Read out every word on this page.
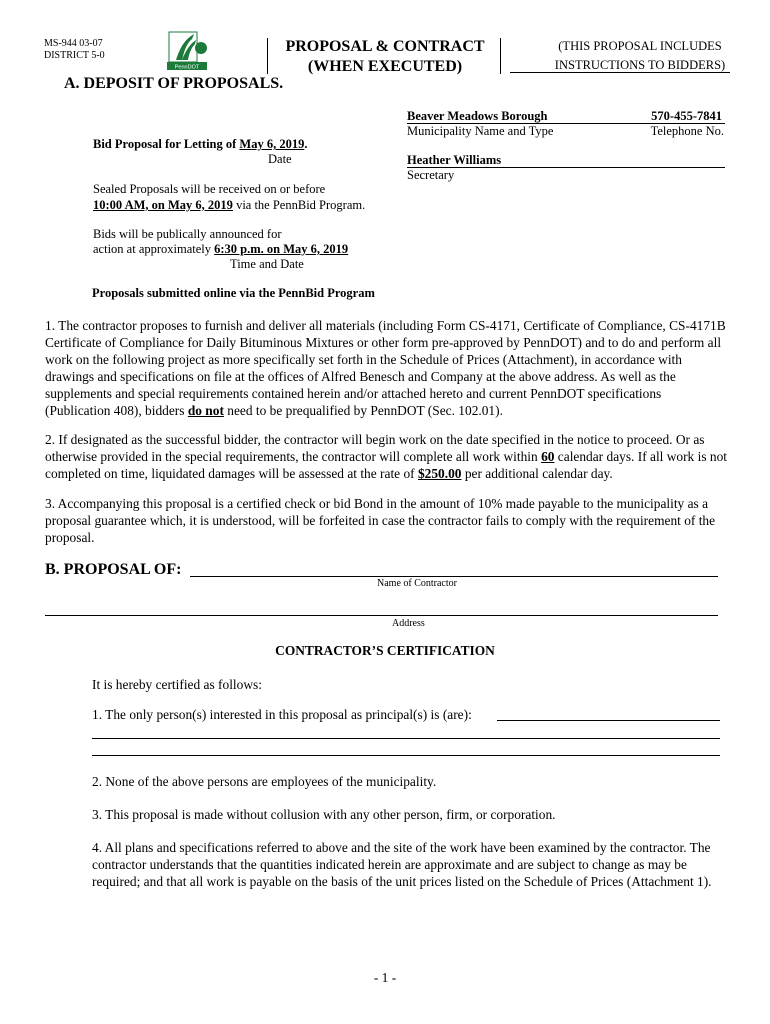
MS-944 03-07
DISTRICT 5-0
PennDOT
PROPOSAL & CONTRACT
(WHEN EXECUTED)
(THIS PROPOSAL INCLUDES
INSTRUCTIONS TO BIDDERS)
A. DEPOSIT OF PROPOSALS.
Beaver Meadows Borough	570-455-7841
Municipality Name and Type	Telephone No.
Heather Williams
Secretary
Bid Proposal for Letting of May 6, 2019.
Date
Sealed Proposals will be received on or before
10:00 AM, on May 6, 2019 via the PennBid Program.
Bids will be publically announced for
action at approximately 6:30 p.m. on May 6, 2019
Time and Date
Proposals submitted online via the PennBid Program
1. The contractor proposes to furnish and deliver all materials (including Form CS-4171, Certificate of Compliance, CS-4171B Certificate of Compliance for Daily Bituminous Mixtures or other form pre-approved by PennDOT) and to do and perform all work on the following project as more specifically set forth in the Schedule of Prices (Attachment), in accordance with drawings and specifications on file at the offices of Alfred Benesch and Company at the above address. As well as the supplements and special requirements contained herein and/or attached hereto and current PennDOT specifications (Publication 408), bidders do not need to be prequalified by PennDOT (Sec. 102.01).
2. If designated as the successful bidder, the contractor will begin work on the date specified in the notice to proceed. Or as otherwise provided in the special requirements, the contractor will complete all work within 60 calendar days. If all work is not completed on time, liquidated damages will be assessed at the rate of $250.00 per additional calendar day.
3. Accompanying this proposal is a certified check or bid Bond in the amount of 10% made payable to the municipality as a proposal guarantee which, it is understood, will be forfeited in case the contractor fails to comply with the requirement of the proposal.
B. PROPOSAL OF:
Name of Contractor
Address
CONTRACTOR’S CERTIFICATION
It is hereby certified as follows:
1. The only person(s) interested in this proposal as principal(s) is (are):
2. None of the above persons are employees of the municipality.
3. This proposal is made without collusion with any other person, firm, or corporation.
4. All plans and specifications referred to above and the site of the work have been examined by the contractor. The contractor understands that the quantities indicated herein are approximate and are subject to change as may be required; and that all work is payable on the basis of the unit prices listed on the Schedule of Prices (Attachment 1).
- 1 -
